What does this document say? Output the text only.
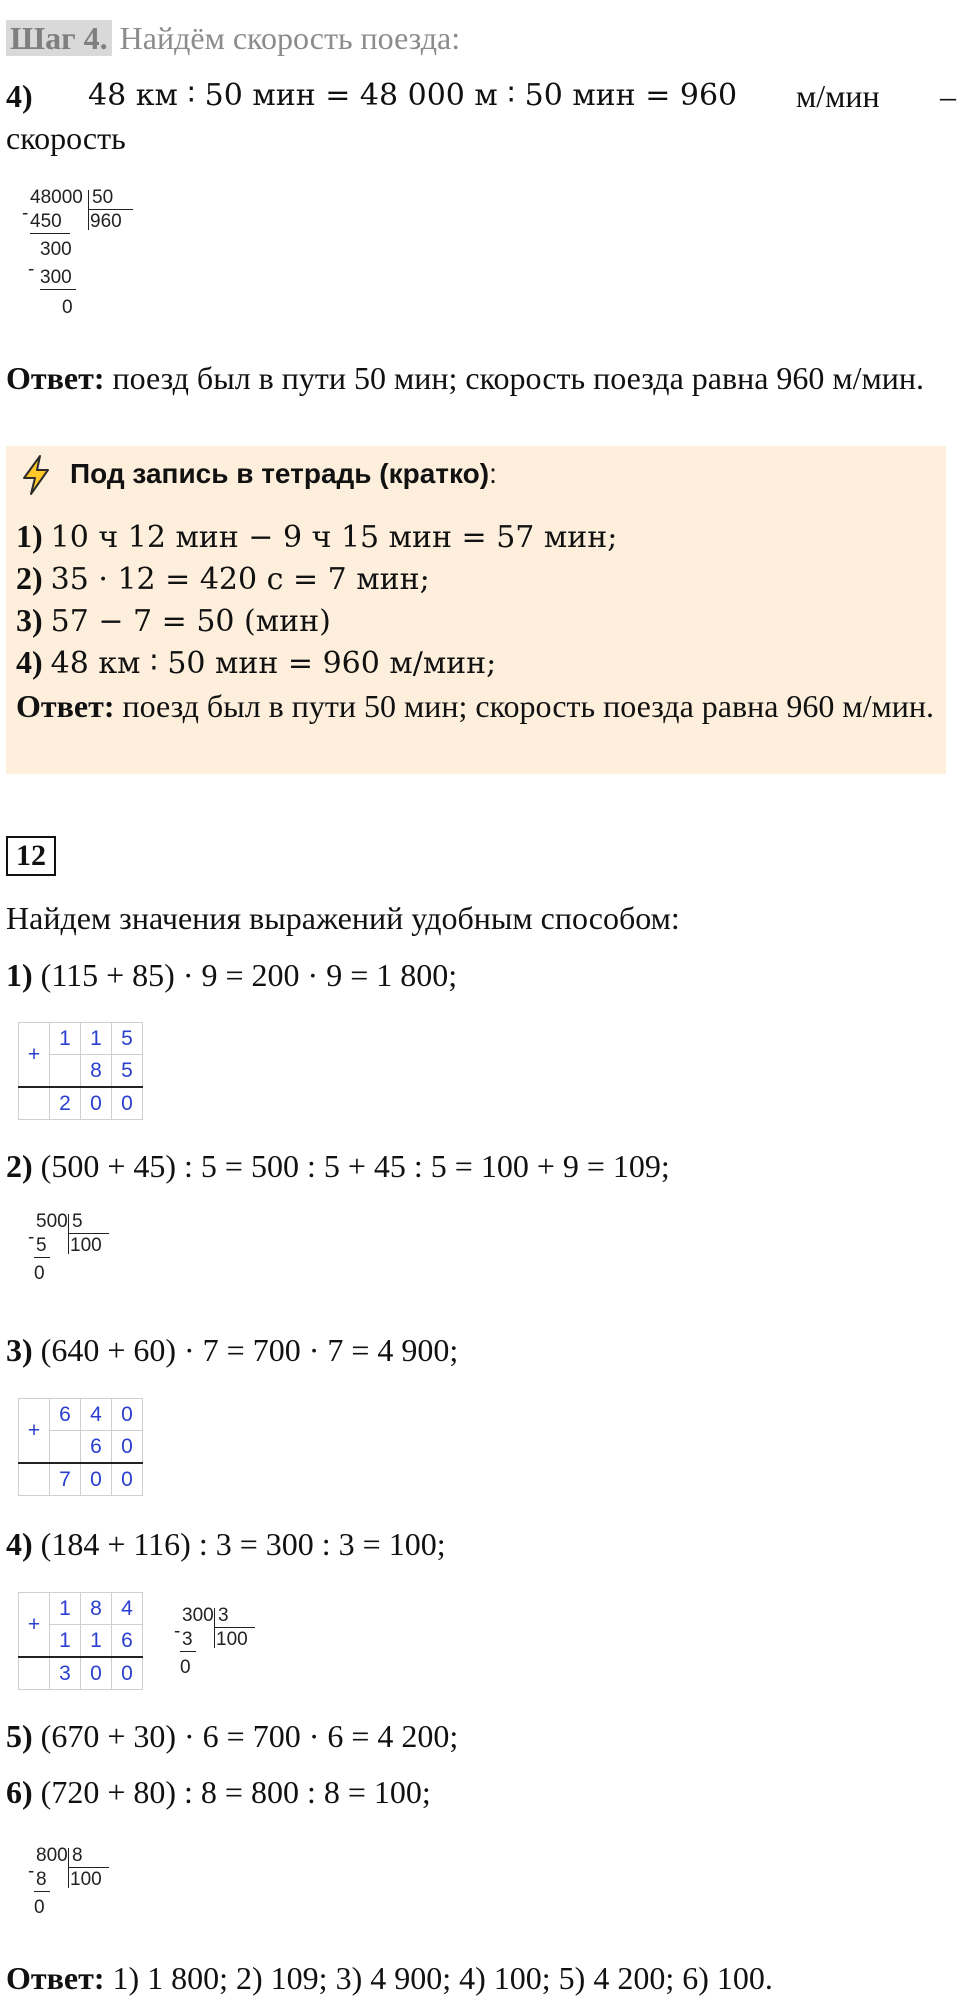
Шаг 4. Найдём скорость поезда:
4) 48 км ∶ 50 мин = 48 000 м ∶ 50 мин = 960 м/мин –
скорость
48000 50
960
- 450
300
- 300
0
Ответ: поезд был в пути 50 мин; скорость поезда равна 960 м/мин.
Под запись в тетрадь (кратко):
1) 10 ч 12 мин − 9 ч 15 мин = 57 мин;
2) 35 · 12 = 420 с = 7 мин;
3) 57 − 7 = 50 (мин)
4) 48 км ∶ 50 мин = 960 м/мин;
Ответ: поезд был в пути 50 мин; скорость поезда равна 960 м/мин.
12
Найдем значения выражений удобным способом:
1) (115 + 85) · 9 = 200 · 9 = 1 800;
+	1	1	5
		8	5
	2	0	0
2) (500 + 45) : 5 = 500 : 5 + 45 : 5 = 100 + 9 = 109;
500 5
100
- 5
0
3) (640 + 60) · 7 = 700 · 7 = 4 900;
+	6	4	0
		6	0
	7	0	0
4) (184 + 116) : 3 = 300 : 3 = 100;
+	1	8	4
	1	1	6
	3	0	0
300 3
100
- 3
0
5) (670 + 30) · 6 = 700 · 6 = 4 200;
6) (720 + 80) : 8 = 800 : 8 = 100;
800 8
100
- 8
0
Ответ: 1) 1 800; 2) 109; 3) 4 900; 4) 100; 5) 4 200; 6) 100.
